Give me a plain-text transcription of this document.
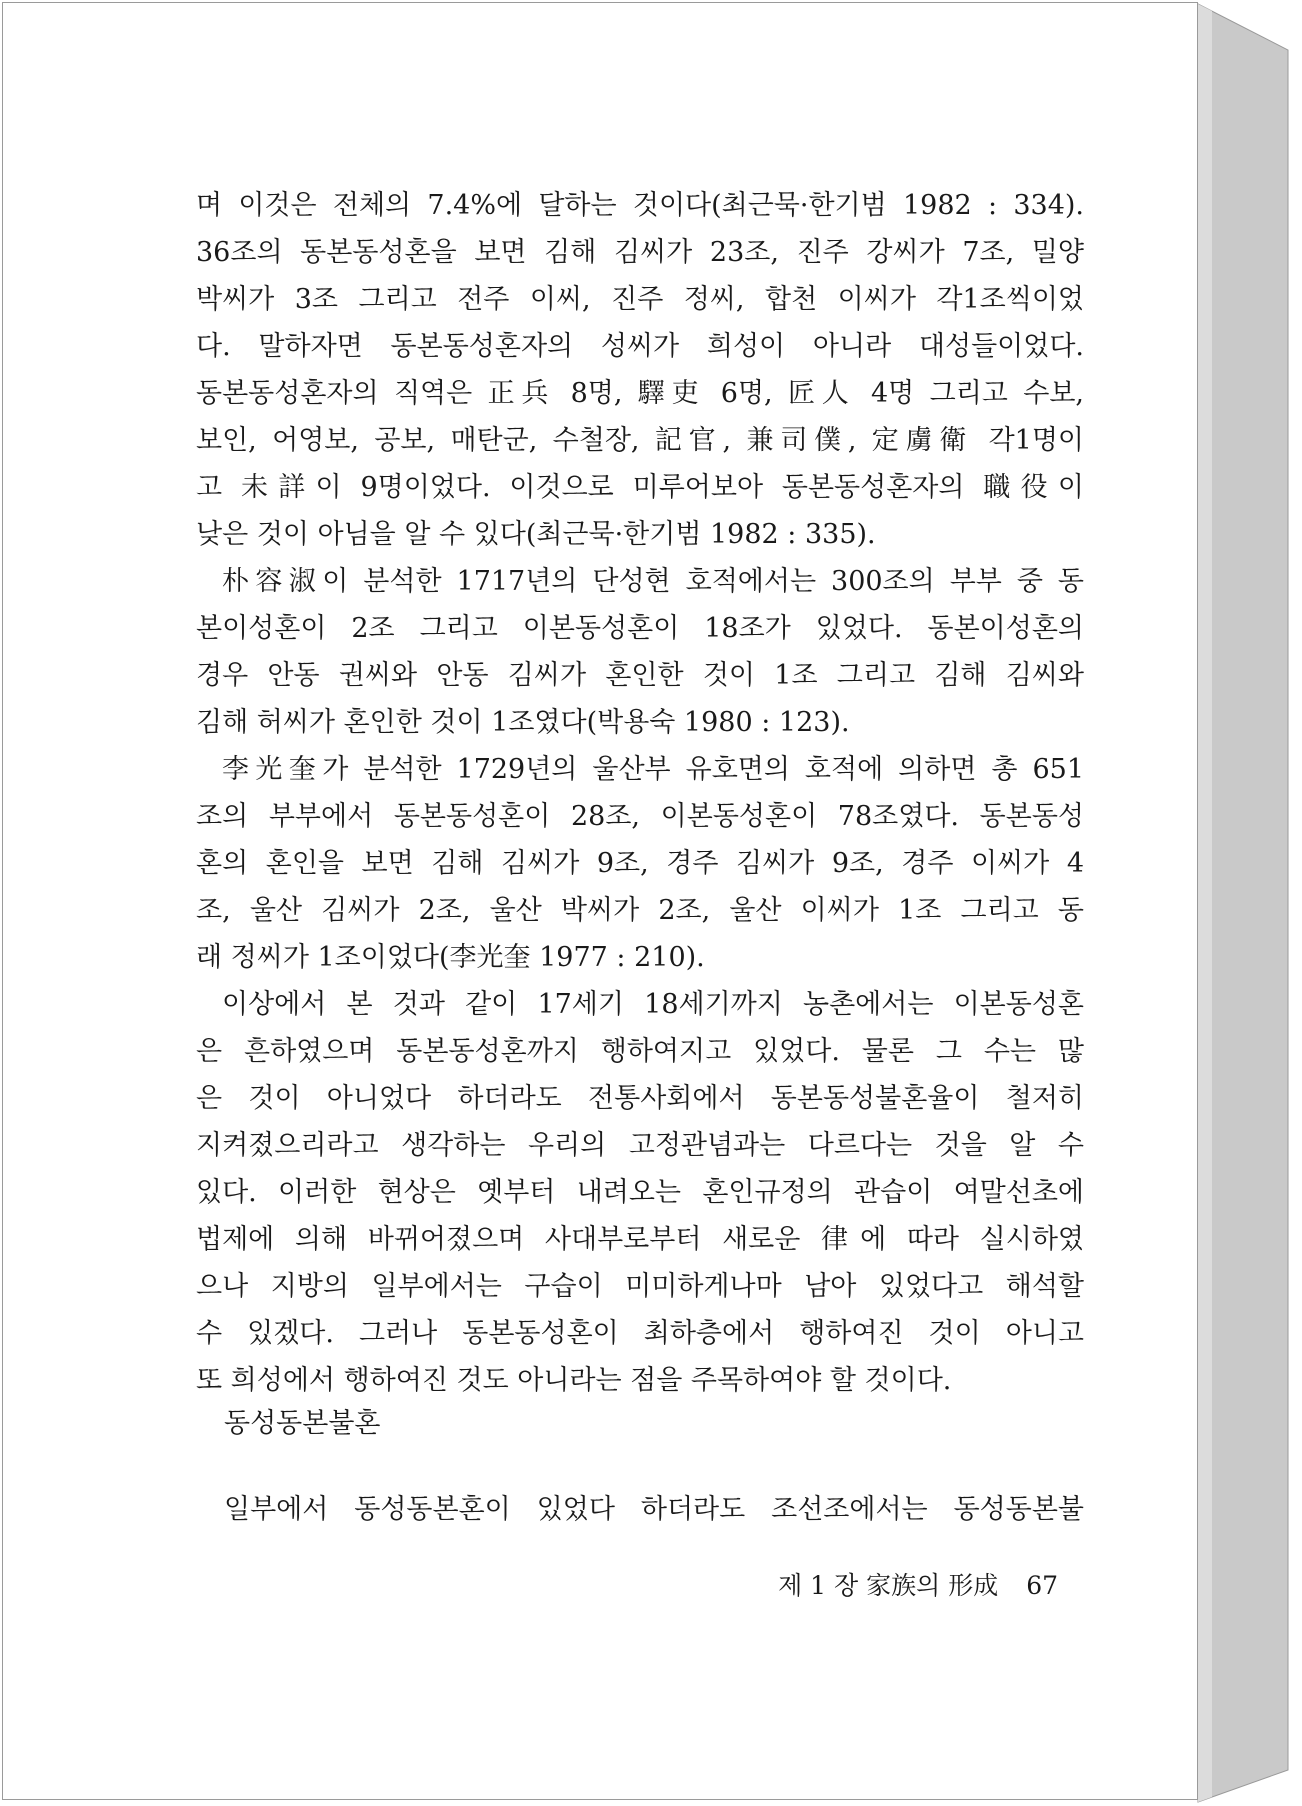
며 이것은 전체의 7.4%에 달하는 것이다(최근묵·한기범 1982 : 334).
36조의 동본동성혼을 보면 김해 김씨가 23조, 진주 강씨가 7조, 밀양
박씨가 3조 그리고 전주 이씨, 진주 정씨, 합천 이씨가 각1조씩이었
다. 말하자면 동본동성혼자의 성씨가 희성이 아니라 대성들이었다.
동본동성혼자의 직역은 正兵 8명, 驛吏 6명, 匠人 4명 그리고 수보,
보인, 어영보, 공보, 매탄군, 수철장, 記官, 兼司僕, 定虜衛 각1명이
고 未詳이 9명이었다. 이것으로 미루어보아 동본동성혼자의 職役이
낮은 것이 아님을 알 수 있다(최근묵·한기범 1982 : 335).
朴容淑이 분석한 1717년의 단성현 호적에서는 300조의 부부 중 동
본이성혼이 2조 그리고 이본동성혼이 18조가 있었다. 동본이성혼의
경우 안동 권씨와 안동 김씨가 혼인한 것이 1조 그리고 김해 김씨와
김해 허씨가 혼인한 것이 1조였다(박용숙 1980 : 123).
李光奎가 분석한 1729년의 울산부 유호면의 호적에 의하면 총 651
조의 부부에서 동본동성혼이 28조, 이본동성혼이 78조였다. 동본동성
혼의 혼인을 보면 김해 김씨가 9조, 경주 김씨가 9조, 경주 이씨가 4
조, 울산 김씨가 2조, 울산 박씨가 2조, 울산 이씨가 1조 그리고 동
래 정씨가 1조이었다(李光奎 1977 : 210).
이상에서 본 것과 같이 17세기 18세기까지 농촌에서는 이본동성혼
은 흔하였으며 동본동성혼까지 행하여지고 있었다. 물론 그 수는 많
은 것이 아니었다 하더라도 전통사회에서 동본동성불혼율이 철저히
지켜졌으리라고 생각하는 우리의 고정관념과는 다르다는 것을 알 수
있다. 이러한 현상은 옛부터 내려오는 혼인규정의 관습이 여말선초에
법제에 의해 바뀌어졌으며 사대부로부터 새로운 律에 따라 실시하였
으나 지방의 일부에서는 구습이 미미하게나마 남아 있었다고 해석할
수 있겠다. 그러나 동본동성혼이 최하층에서 행하여진 것이 아니고
또 희성에서 행하여진 것도 아니라는 점을 주목하여야 할 것이다.
동성동본불혼
일부에서 동성동본혼이 있었다 하더라도 조선조에서는 동성동본불
제 1 장 家族의 形成 67
